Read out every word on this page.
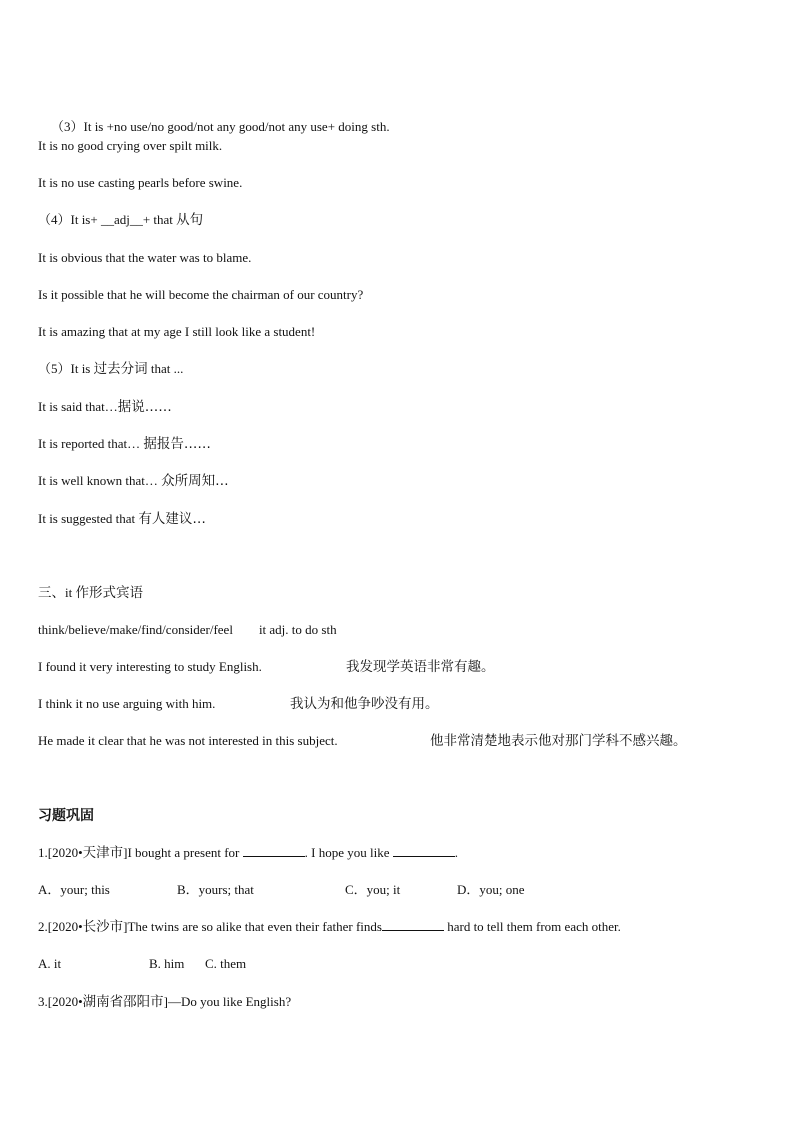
（3）It is +no use/no good/not any good/not any use+ doing sth.

It is no good crying over spilt milk.
It is no use casting pearls before swine.
（4）It is+ __adj__+ that 从句
It is obvious that the water was to blame.
Is it possible that he will become the chairman of our country?
It is amazing that at my age I still look like a student!
（5）It is 过去分词 that ...
It is said that…据说……
It is reported that… 据报告……
It is well known that… 众所周知…
It is suggested that 有人建议…
三、it 作形式宾语
think/believe/make/find/consider/feel it adj. to do sth
I found it very interesting to study English.	我发现学英语非常有趣。
I think it no use arguing with him.	我认为和他争吵没有用。
He made it clear that he was not interested in this subject.	他非常清楚地表示他对那门学科不感兴趣。
习题巩固
1.[2020•天津市]I bought a present for	. I hope you like	.
A．your; this	B．yours; that	C．you; it	D．you; one
2.[2020•长沙市]The twins are so alike that even their father finds	hard to tell them from each other.
A. it	B. him C. them
3.[2020•湖南省邵阳市]—Do you like English?
